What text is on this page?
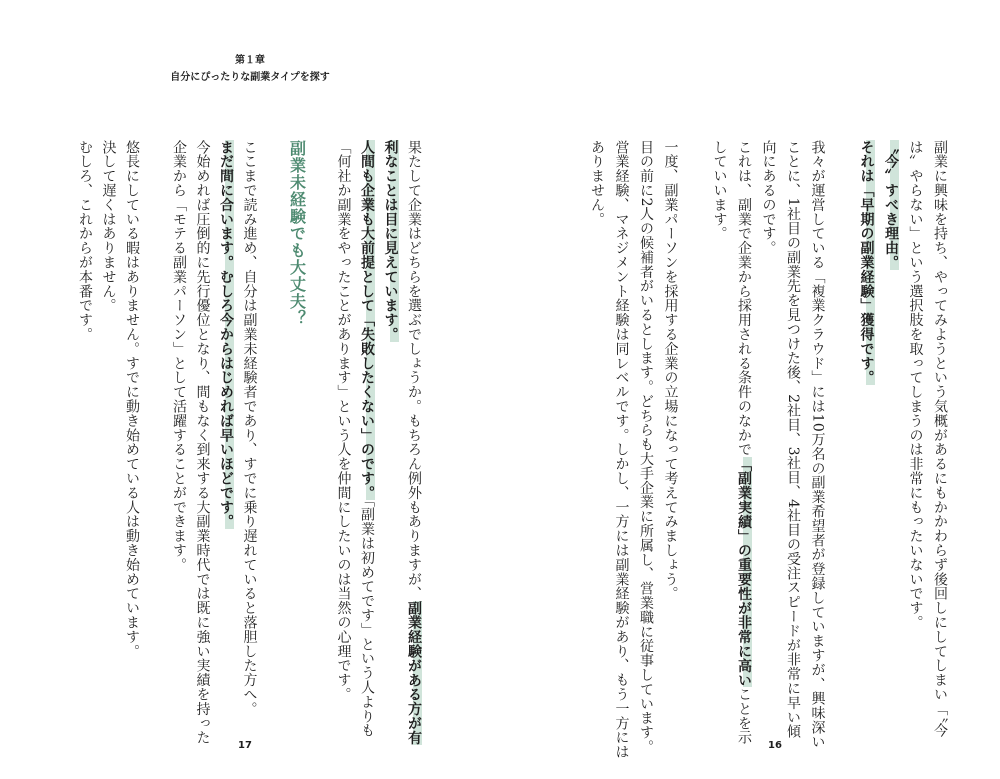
第１章
自分にぴったりな副業タイプを探す
果たして企業はどちらを選ぶでしょうか。もちろん例外もありますが、副業経験がある方が有
利なことは目に見えています。
人間も企業も大前提として「失敗したくない」のです。「副業は初めてです」という人よりも
「何社か副業をやったことがあります」という人を仲間にしたいのは当然の心理です。
副業未経験でも大丈夫？
ここまで読み進め、自分は副業未経験者であり、すでに乗り遅れていると落胆した方へ。
まだ間に合います。むしろ今からはじめれば早いほどです。
今始めれば圧倒的に先行優位となり、間もなく到来する大副業時代では既に強い実績を持った
企業から「モテる副業パーソン」として活躍することができます。
悠長にしている暇はありません。すでに動き始めている人は動き始めています。
決して遅くはありません。
むしろ、これからが本番です。
17
副業に興味を持ち、やってみようという気概があるにもかかわらず後回しにしてしまい「〝今
は〟やらない」という選択肢を取ってしまうのは非常にもったいないです。
〝今〟すべき理由。
それは「早期の副業経験」獲得です。
我々が運営している「複業クラウド」には10万名の副業希望者が登録していますが、興味深い
ことに、1社目の副業先を見つけた後、2社目、3社目、4社目の受注スピードが非常に早い傾
向にあるのです。
これは、副業で企業から採用される条件のなかで「副業実績」の重要性が非常に高いことを示
していいます。
一度、副業パーソンを採用する企業の立場になって考えてみましょう。
目の前に2人の候補者がいるとします。どちらも大手企業に所属し、営業職に従事しています。
営業経験、マネジメント経験は同レベルです。しかし、一方には副業経験があり、もう一方には
ありません。
16
